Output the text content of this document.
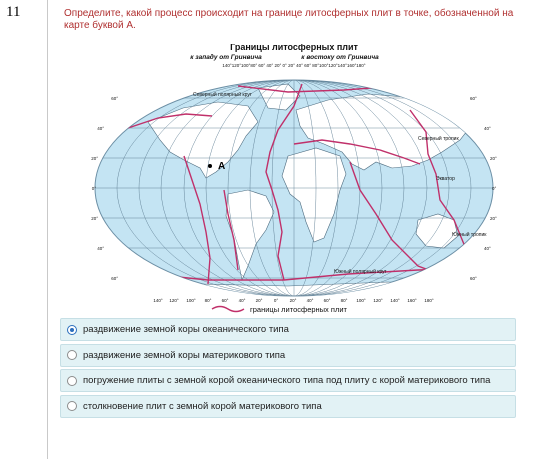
11	Определите, какой процесс происходит на границе литосферных плит в точке, обозначенной на карте буквой А.
Границы литосферных плит
к западу от Гринвича	к востоку от Гринвича
140°120°100°80° 60° 40° 20° 0° 20° 40° 60° 80°100°120°140°160°180°
А
Северный полярный круг
Северный тропик
Экватор
Южный тропик
Южный полярный круг
60°
40°
20°
0°
20°
40°
60°
60°
40°
20°
0°
20°
40°
60°
140° 120° 100° 80° 60° 40° 20°	0°	20° 40° 60° 80° 100° 120° 140° 160° 180°
границы литосферных плит
раздвижение земной коры океанического типа
раздвижение земной коры материкового типа
погружение плиты с земной корой океанического типа под плиту с корой материкового типа
столкновение плит с земной корой материкового типа
